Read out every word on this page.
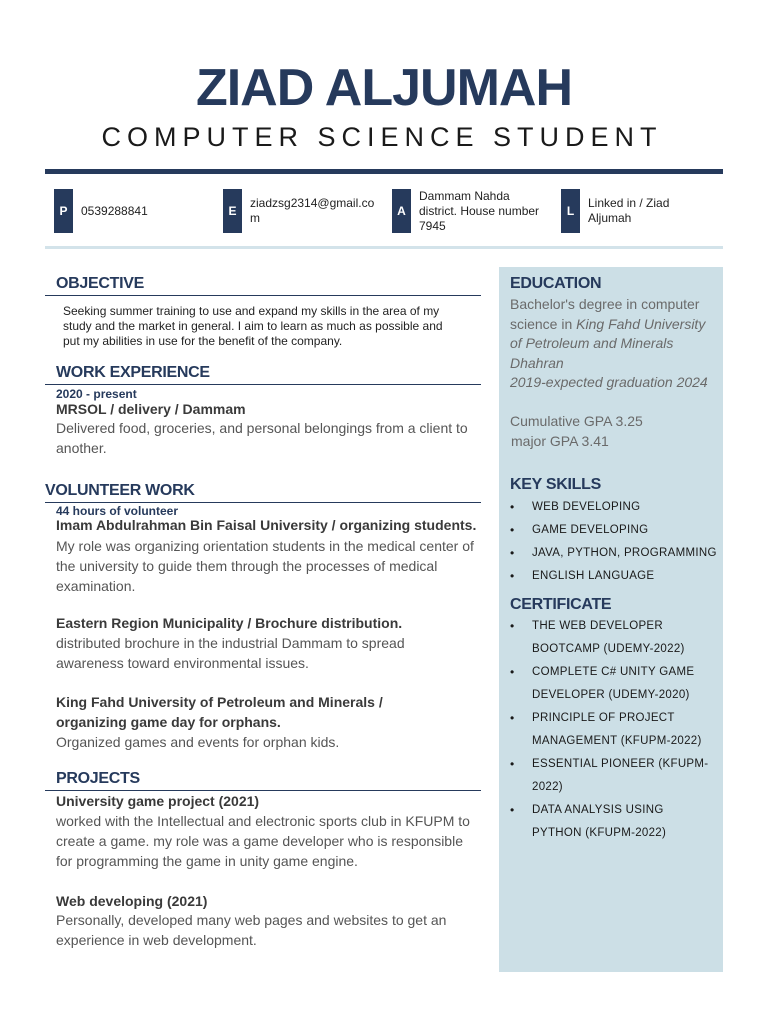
ZIAD ALJUMAH
COMPUTER SCIENCE STUDENT
P	0539288841	E
ziadzsg2314@gmail.co
m	A
Dammam Nahda
district. House number
7945
L
Linked in / Ziad
Aljumah
OBJECTIVE
Seeking summer training to use and expand my skills in the area of my study and the market in general. I aim to learn as much as possible and put my abilities in use for the benefit of the company.
WORK EXPERIENCE
2020 - present
MRSOL / delivery / Dammam
Delivered food, groceries, and personal belongings from a client to another.
VOLUNTEER WORK
44 hours of volunteer
Imam Abdulrahman Bin Faisal University / organizing students.
My role was organizing orientation students in the medical center of the university to guide them through the processes of medical examination.
Eastern Region Municipality / Brochure distribution.
distributed brochure in the industrial Dammam to spread awareness toward environmental issues.
King Fahd University of Petroleum and Minerals / organizing game day for orphans.
Organized games and events for orphan kids.
PROJECTS
University game project (2021)
worked with the Intellectual and electronic sports club in KFUPM to create a game. my role was a game developer who is responsible for programming the game in unity game engine.
Web developing (2021)
Personally, developed many web pages and websites to get an experience in web development.
EDUCATION
Bachelor's degree in computer
science in King Fahd University
of Petroleum and Minerals
Dhahran
2019-expected graduation 2024
Cumulative GPA 3.25
major GPA 3.41
KEY SKILLS
• WEB DEVELOPING
• GAME DEVELOPING
• JAVA, PYTHON, PROGRAMMING
• ENGLISH LANGUAGE
CERTIFICATE
• THE WEB DEVELOPER BOOTCAMP (UDEMY-2022)
• COMPLETE C# UNITY GAME DEVELOPER (UDEMY-2020)
• PRINCIPLE OF PROJECT MANAGEMENT (KFUPM-2022)
• ESSENTIAL PIONEER (KFUPM-2022)
• DATA ANALYSIS USING PYTHON (KFUPM-2022)
